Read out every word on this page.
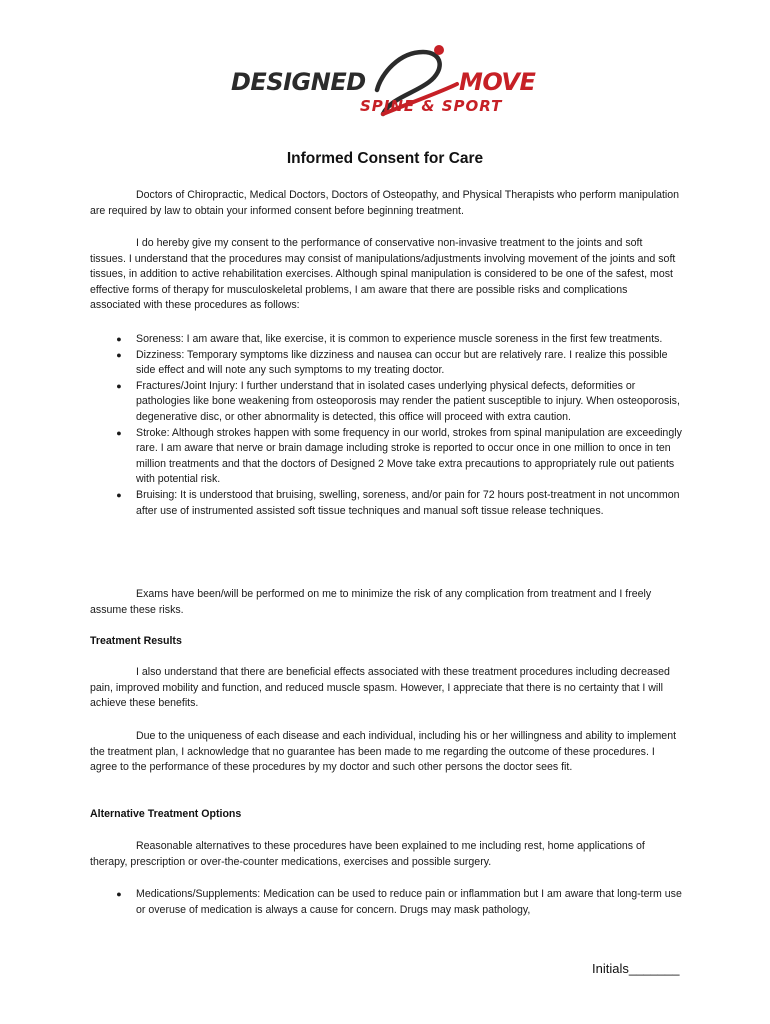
DESIGNED	MOVE
SPINE & SPORT
Informed Consent for Care

Doctors of Chiropractic, Medical Doctors, Doctors of Osteopathy, and Physical Therapists who perform manipulation are required by law to obtain your informed consent before beginning treatment.

I do hereby give my consent to the performance of conservative non-invasive treatment to the joints and soft tissues. I understand that the procedures may consist of manipulations/adjustments involving movement of the joints and soft tissues, in addition to active rehabilitation exercises. Although spinal manipulation is considered to be one of the safest, most effective forms of therapy for musculoskeletal problems, I am aware that there are possible risks and complications associated with these procedures as follows:

● Soreness: I am aware that, like exercise, it is common to experience muscle soreness in the first few treatments.
● Dizziness: Temporary symptoms like dizziness and nausea can occur but are relatively rare. I realize this possible side effect and will note any such symptoms to my treating doctor.
● Fractures/Joint Injury: I further understand that in isolated cases underlying physical defects, deformities or pathologies like bone weakening from osteoporosis may render the patient susceptible to injury. When osteoporosis, degenerative disc, or other abnormality is detected, this office will proceed with extra caution.
● Stroke: Although strokes happen with some frequency in our world, strokes from spinal manipulation are exceedingly rare. I am aware that nerve or brain damage including stroke is reported to occur once in one million to once in ten million treatments and that the doctors of Designed 2 Move take extra precautions to appropriately rule out patients with potential risk.
● Bruising: It is understood that bruising, swelling, soreness, and/or pain for 72 hours post-treatment in not uncommon after use of instrumented assisted soft tissue techniques and manual soft tissue release techniques.

Exams have been/will be performed on me to minimize the risk of any complication from treatment and I freely assume these risks.

Treatment Results

I also understand that there are beneficial effects associated with these treatment procedures including decreased pain, improved mobility and function, and reduced muscle spasm. However, I appreciate that there is no certainty that I will achieve these benefits.

Due to the uniqueness of each disease and each individual, including his or her willingness and ability to implement the treatment plan, I acknowledge that no guarantee has been made to me regarding the outcome of these procedures. I agree to the performance of these procedures by my doctor and such other persons the doctor sees fit.

Alternative Treatment Options

Reasonable alternatives to these procedures have been explained to me including rest, home applications of therapy, prescription or over-the-counter medications, exercises and possible surgery.

● Medications/Supplements: Medication can be used to reduce pain or inflammation but I am aware that long-term use or overuse of medication is always a cause for concern. Drugs may mask pathology,
Initials_______
